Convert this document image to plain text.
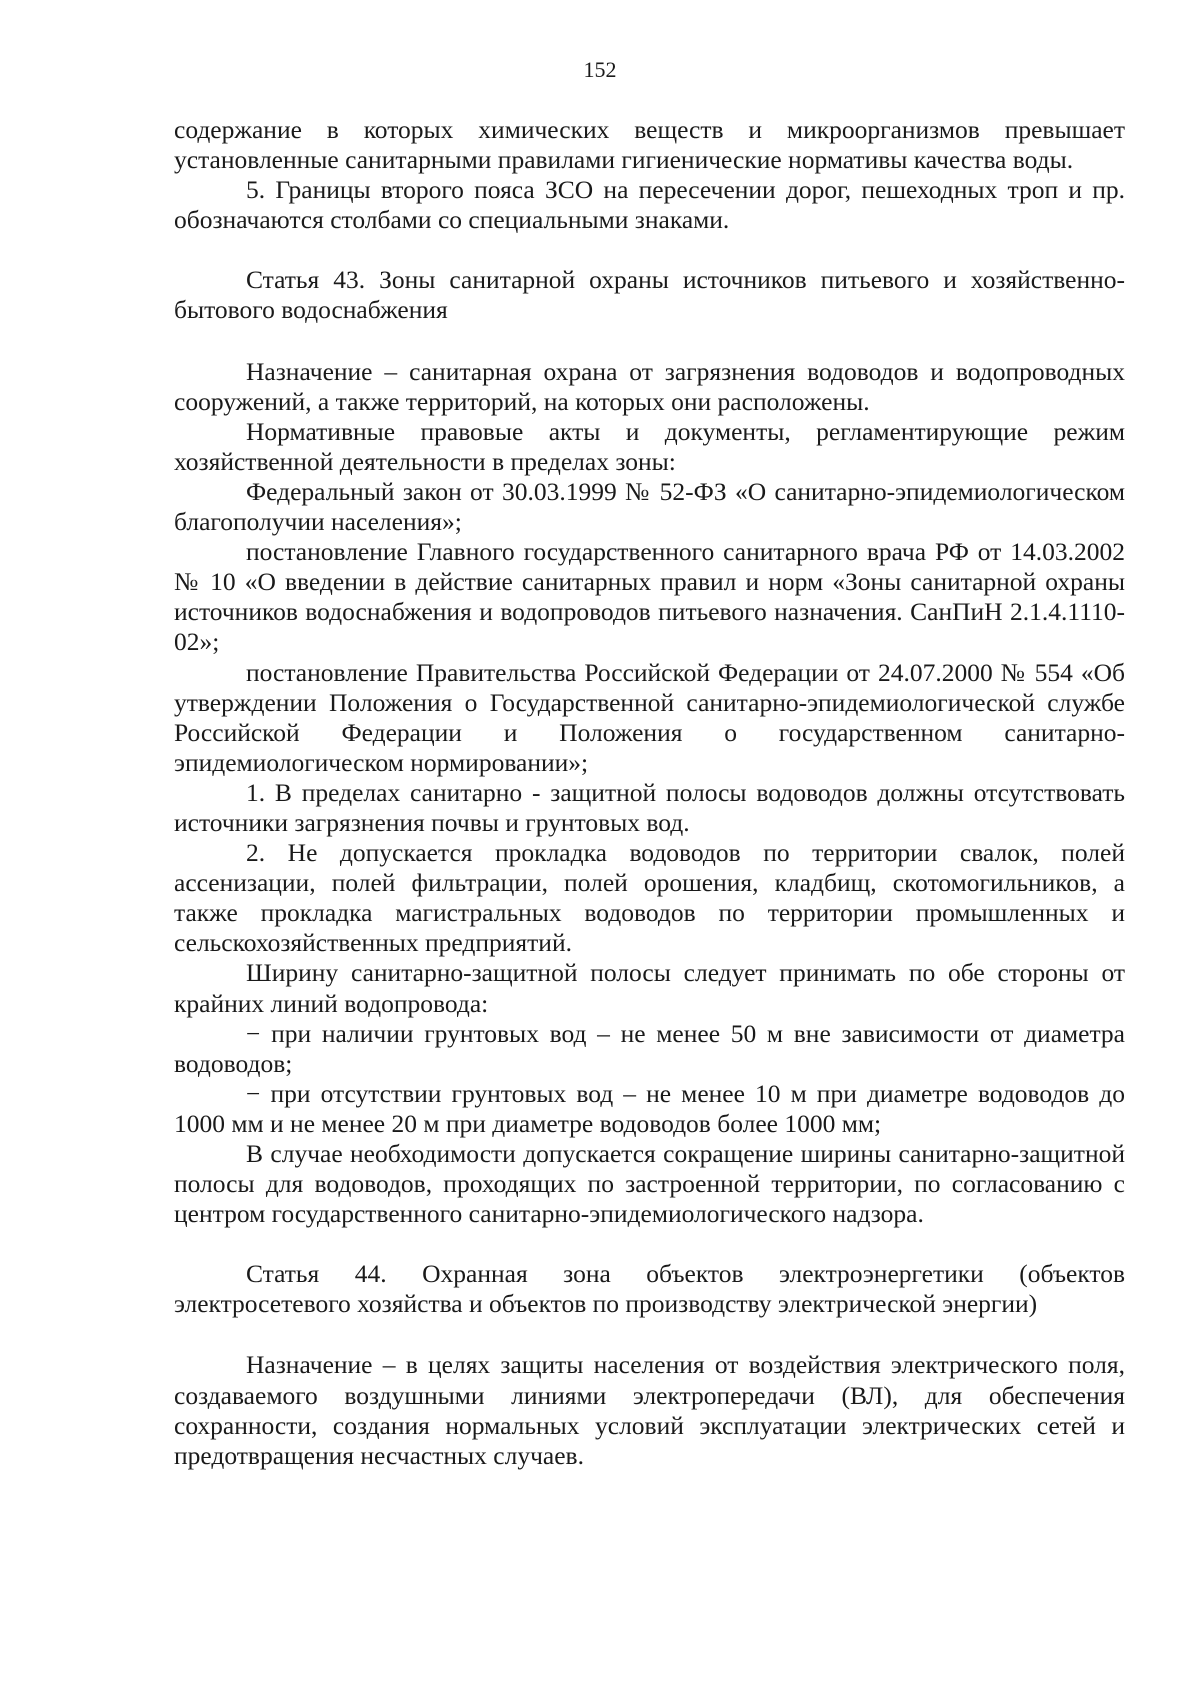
152

содержание в которых химических веществ и микроорганизмов превышает установленные санитарными правилами гигиенические нормативы качества воды.

5. Границы второго пояса ЗСО на пересечении дорог, пешеходных троп и пр. обозначаются столбами со специальными знаками.

Статья 43. Зоны санитарной охраны источников питьевого и хозяйственно-бытового водоснабжения

Назначение – санитарная охрана от загрязнения водоводов и водопроводных сооружений, а также территорий, на которых они расположены.

Нормативные правовые акты и документы, регламентирующие режим хозяйственной деятельности в пределах зоны:

Федеральный закон от 30.03.1999 № 52-ФЗ «О санитарно-эпидемиологическом благополучии населения»;

постановление Главного государственного санитарного врача РФ от 14.03.2002 № 10 «О введении в действие санитарных правил и норм «Зоны санитарной охраны источников водоснабжения и водопроводов питьевого назначения. СанПиН 2.1.4.1110-02»;

постановление Правительства Российской Федерации от 24.07.2000 № 554 «Об утверждении Положения о Государственной санитарно-эпидемиологической службе Российской Федерации и Положения о государственном санитарно-эпидемиологическом нормировании»;

1. В пределах санитарно - защитной полосы водоводов должны отсутствовать источники загрязнения почвы и грунтовых вод.

2. Не допускается прокладка водоводов по территории свалок, полей ассенизации, полей фильтрации, полей орошения, кладбищ, скотомогильников, а также прокладка магистральных водоводов по территории промышленных и сельскохозяйственных предприятий.

Ширину санитарно-защитной полосы следует принимать по обе стороны от крайних линий водопровода:

− при наличии грунтовых вод – не менее 50 м вне зависимости от диаметра водоводов;

− при отсутствии грунтовых вод – не менее 10 м при диаметре водоводов до 1000 мм и не менее 20 м при диаметре водоводов более 1000 мм;

В случае необходимости допускается сокращение ширины санитарно-защитной полосы для водоводов, проходящих по застроенной территории, по согласованию с центром государственного санитарно-эпидемиологического надзора.

Статья 44. Охранная зона объектов электроэнергетики (объектов электросетевого хозяйства и объектов по производству электрической энергии)

Назначение – в целях защиты населения от воздействия электрического поля, создаваемого воздушными линиями электропередачи (ВЛ), для обеспечения сохранности, создания нормальных условий эксплуатации электрических сетей и предотвращения несчастных случаев.
